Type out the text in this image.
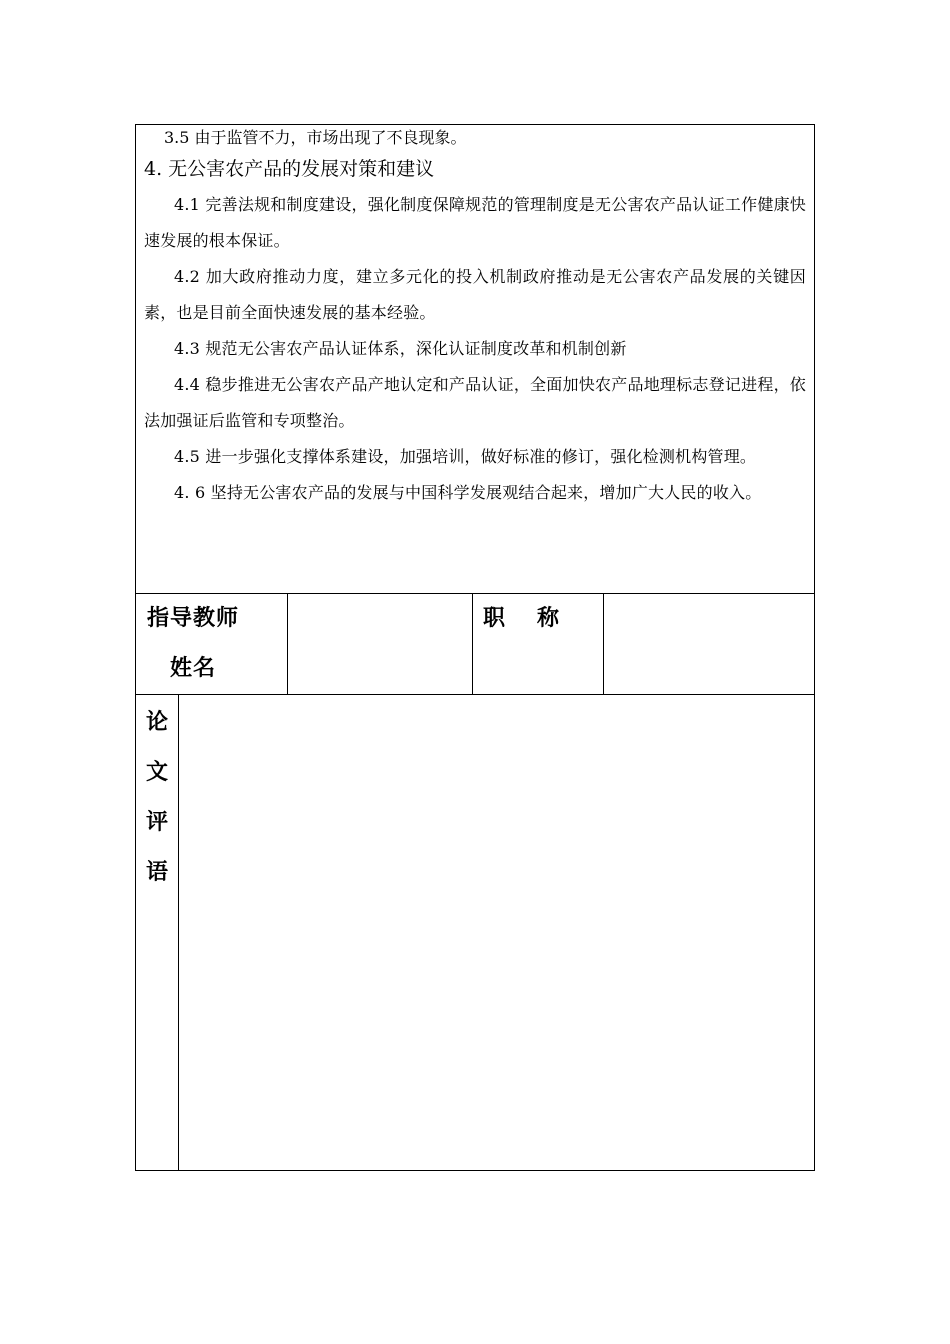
3.5 由于监管不力，市场出现了不良现象。

4. 无公害农产品的发展对策和建议

4.1 完善法规和制度建设，强化制度保障规范的管理制度是无公害农产品认证工作健康快速发展的根本保证。

4.2 加大政府推动力度，建立多元化的投入机制政府推动是无公害农产品发展的关键因素，也是目前全面快速发展的基本经验。

4.3 规范无公害农产品认证体系，深化认证制度改革和机制创新

4.4 稳步推进无公害农产品产地认定和产品认证，全面加快农产品地理标志登记进程，依法加强证后监管和专项整治。

4.5 进一步强化支撑体系建设，加强培训，做好标准的修订，强化检测机构管理。

4. 6 坚持无公害农产品的发展与中国科学发展观结合起来，增加广大人民的收入。

指导教师
姓名
职 称
论
文
评
语
